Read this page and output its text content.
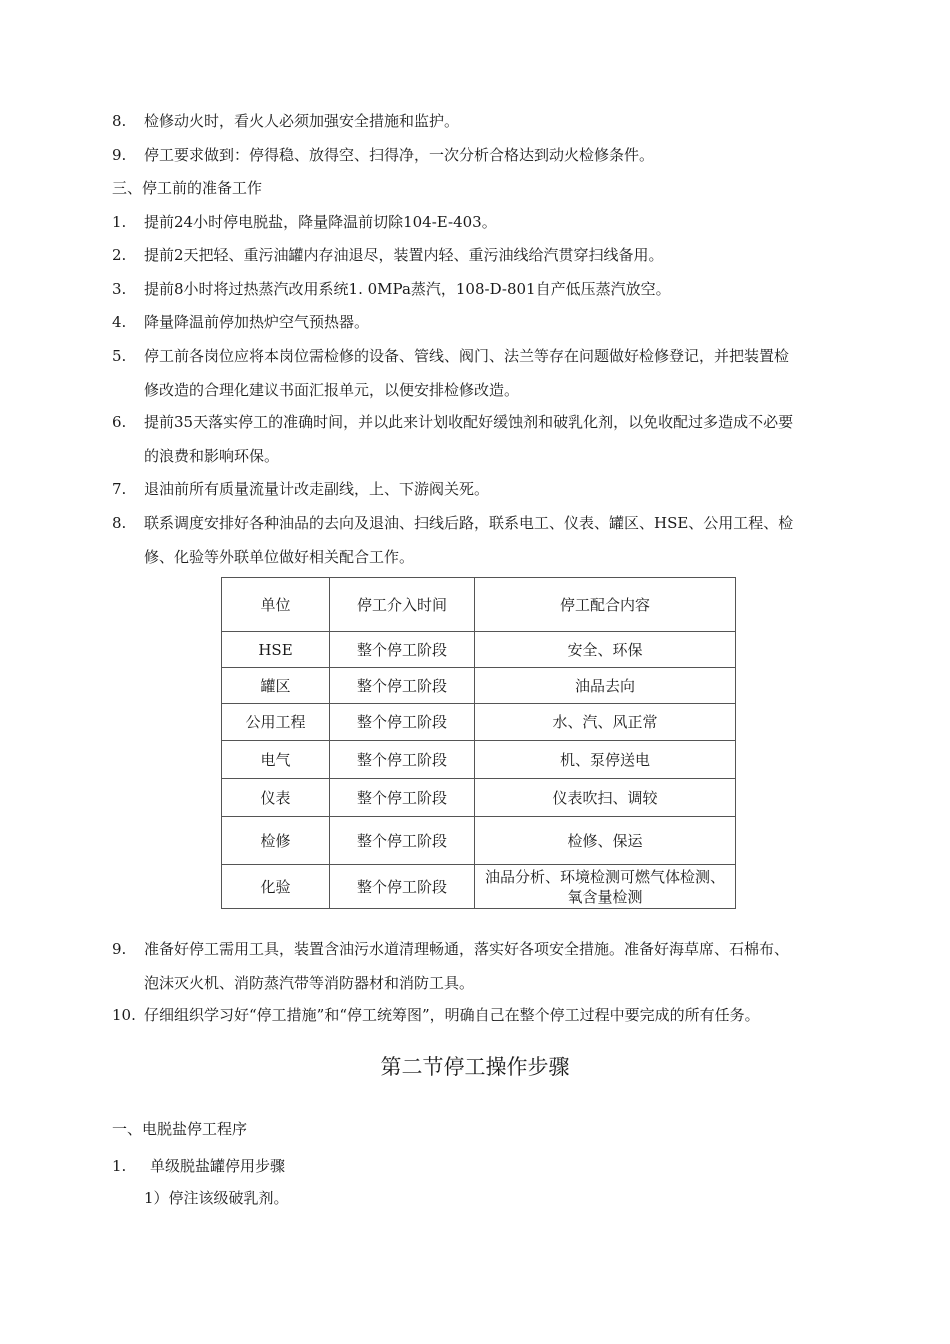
8. 检修动火时，看火人必须加强安全措施和监护。
9. 停工要求做到：停得稳、放得空、扫得净，一次分析合格达到动火检修条件。
三、停工前的准备工作
1. 提前24小时停电脱盐，降量降温前切除104-E-403。
2. 提前2天把轻、重污油罐内存油退尽，装置内轻、重污油线给汽贯穿扫线备用。
3. 提前8小时将过热蒸汽改用系统1. 0MPa蒸汽，108-D-801自产低压蒸汽放空。
4. 降量降温前停加热炉空气预热器。
5. 停工前各岗位应将本岗位需检修的设备、管线、阀门、法兰等存在问题做好检修登记，并把装置检
修改造的合理化建议书面汇报单元，以便安排检修改造。
6. 提前35天落实停工的准确时间，并以此来计划收配好缓蚀剂和破乳化剂，以免收配过多造成不必要
的浪费和影响环保。
7. 退油前所有质量流量计改走副线，上、下游阀关死。
8. 联系调度安排好各种油品的去向及退油、扫线后路，联系电工、仪表、罐区、HSE、公用工程、检
修、化验等外联单位做好相关配合工作。
单位	停工介入时间	停工配合内容
HSE	整个停工阶段	安全、环保
罐区	整个停工阶段	油品去向
公用工程	整个停工阶段	水、汽、风正常
电气	整个停工阶段	机、泵停送电
仪表	整个停工阶段	仪表吹扫、调较
检修	整个停工阶段	检修、保运
化验	整个停工阶段	油品分析、环境检测可燃气体检测、
氧含量检测
9. 准备好停工需用工具，装置含油污水道清理畅通，落实好各项安全措施。准备好海草席、石棉布、
泡沫灭火机、消防蒸汽带等消防器材和消防工具。
10. 仔细组织学习好“停工措施”和“停工统筹图”，明确自己在整个停工过程中要完成的所有任务。
第二节停工操作步骤
一、电脱盐停工程序
1. 单级脱盐罐停用步骤
1）停注该级破乳剂。
